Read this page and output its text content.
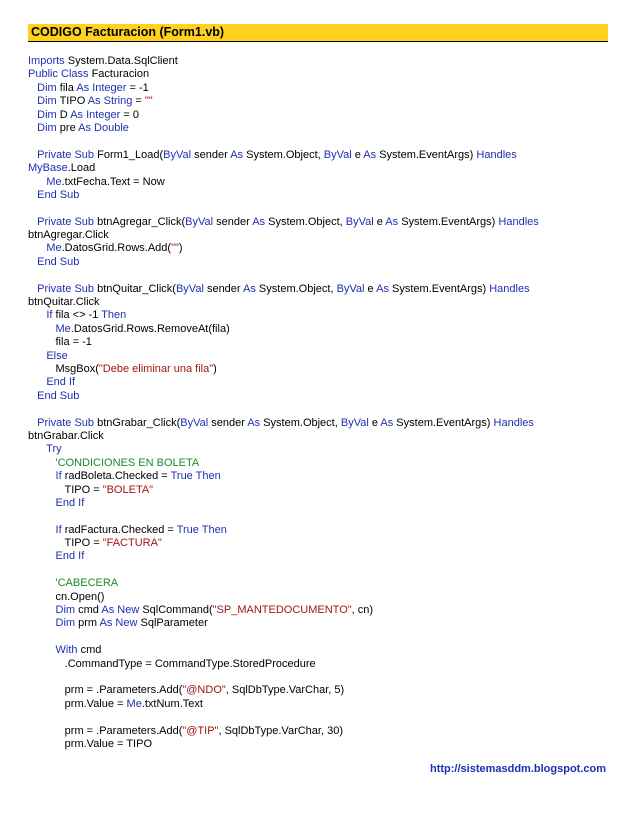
CODIGO Facturacion (Form1.vb)
Imports System.Data.SqlClient
Public Class Facturacion
Dim fila As Integer = -1
Dim TIPO As String = ""
Dim D As Integer = 0
Dim pre As Double
Private Sub Form1_Load(ByVal sender As System.Object, ByVal e As System.EventArgs) Handles
MyBase.Load
Me.txtFecha.Text = Now
End Sub
Private Sub btnAgregar_Click(ByVal sender As System.Object, ByVal e As System.EventArgs) Handles
btnAgregar.Click
Me.DatosGrid.Rows.Add("")
End Sub
Private Sub btnQuitar_Click(ByVal sender As System.Object, ByVal e As System.EventArgs) Handles
btnQuitar.Click
If fila <> -1 Then
Me.DatosGrid.Rows.RemoveAt(fila)
fila = -1
Else
MsgBox("Debe eliminar una fila")
End If
End Sub
Private Sub btnGrabar_Click(ByVal sender As System.Object, ByVal e As System.EventArgs) Handles
btnGrabar.Click
Try
'CONDICIONES EN BOLETA
If radBoleta.Checked = True Then
TIPO = "BOLETA"
End If
If radFactura.Checked = True Then
TIPO = "FACTURA"
End If
'CABECERA
cn.Open()
Dim cmd As New SqlCommand("SP_MANTEDOCUMENTO", cn)
Dim prm As New SqlParameter
With cmd
.CommandType = CommandType.StoredProcedure
prm = .Parameters.Add("@NDO", SqlDbType.VarChar, 5)
prm.Value = Me.txtNum.Text
prm = .Parameters.Add("@TIP", SqlDbType.VarChar, 30)
prm.Value = TIPO
http://sistemasddm.blogspot.com
